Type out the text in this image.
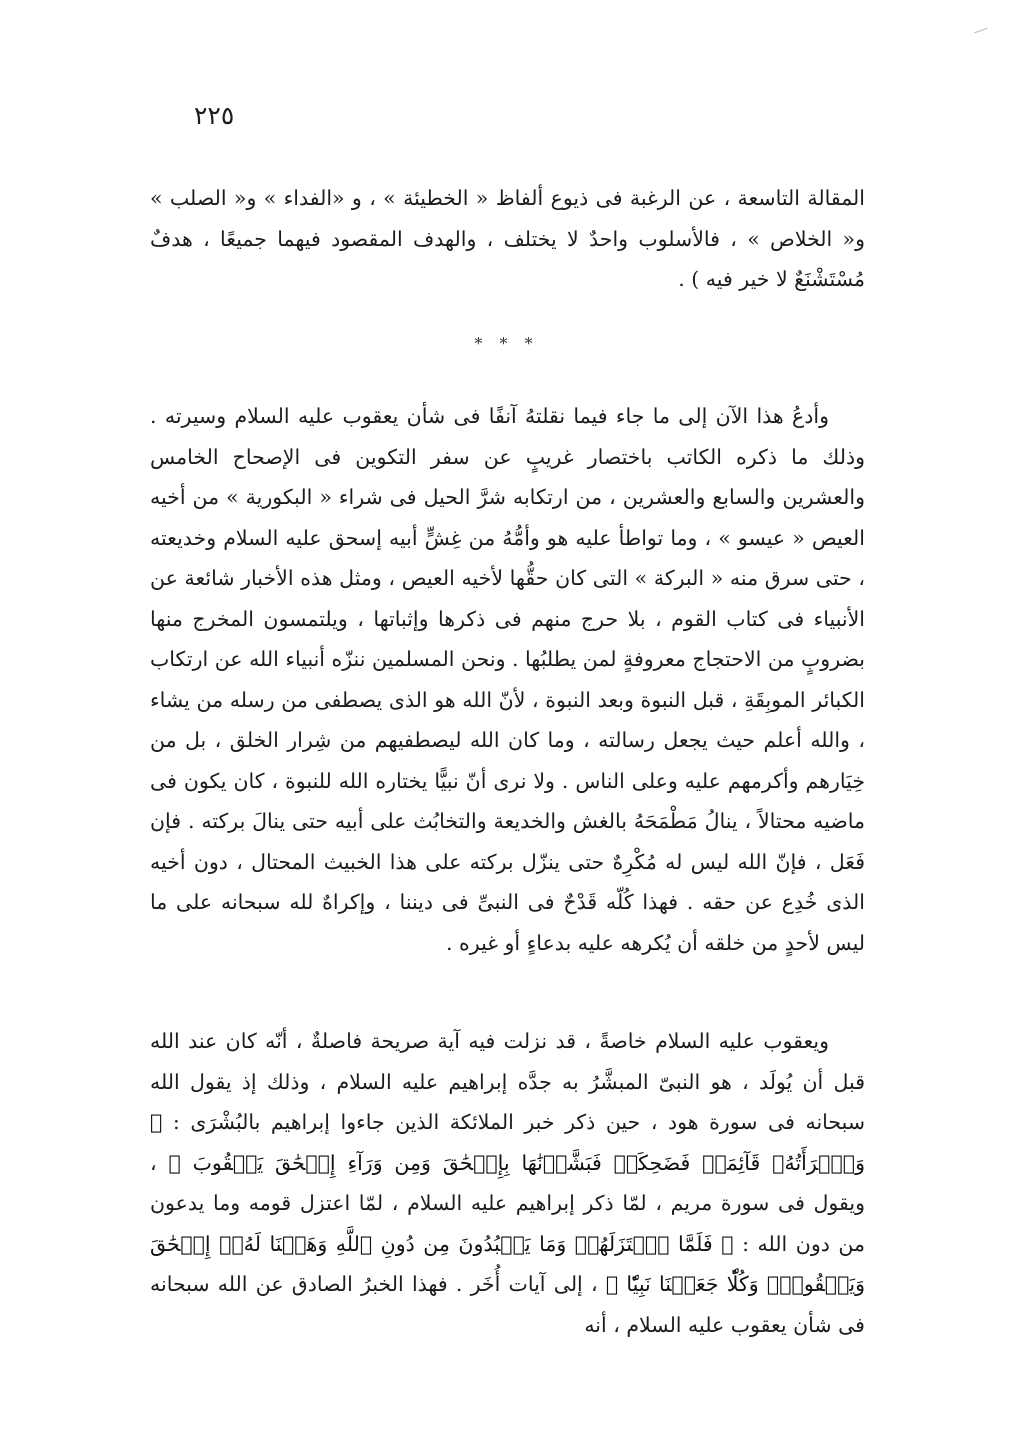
٢٢٥

المقالة التاسعة ، عن الرغبة فى ذيوع ألفاظ « الخطيئة » ، و «الفداء » و« الصلب » و« الخلاص » ، فالأسلوب واحدٌ لا يختلف ، والهدف المقصود فيهما جميعًا ، هدفٌ مُسْتَشْنَعٌ لا خير فيه ) .

* * *

وأدعُ هذا الآن إلى ما جاء فيما نقلتهُ آنفًا فى شأن يعقوب عليه السلام وسيرته . وذلك ما ذكره الكاتب باختصار غريبٍ عن سفر التكوين فى الإصحاح الخامس والعشرين والسابع والعشرين ، من ارتكابه شرَّ الحيل فى شراء « البكورية » من أخيه العيص « عيسو » ، وما تواطأ عليه هو وأمُّهُ من غِشٍّ أبيه إسحق عليه السلام وخديعته ، حتى سرق منه « البركة » التى كان حقُّها لأخيه العيص ، ومثل هذه الأخبار شائعة عن الأنبياء فى كتاب القوم ، بلا حرج منهم فى ذكرها وإثباتها ، ويلتمسون المخرج منها بضروبٍ من الاحتجاج معروفةٍ لمن يطلبُها . ونحن المسلمين ننزّه أنبياء الله عن ارتكاب الكبائر الموبِقَةِ ، قبل النبوة وبعد النبوة ، لأنّ الله هو الذى يصطفى من رسله من يشاء ، والله أعلم حيث يجعل رسالته ، وما كان الله ليصطفيهم من شِرار الخلق ، بل من خِيَارهم وأكرمهم عليه وعلى الناس . ولا نرى أنّ نبيًّا يختاره الله للنبوة ، كان يكون فى ماضيه محتالاً ، ينالُ مَطْمَحَهُ بالغش والخديعة والتخابُث على أبيه حتى ينالَ بركته . فإن فَعَل ، فإنّ الله ليس له مُكْرِهٌ حتى ينزّل بركته على هذا الخبيث المحتال ، دون أخيه الذى خُدِع عن حقه . فهذا كُلّه قَدْحٌ فى النبىِّ فى ديننا ، وإكراهٌ لله سبحانه على ما ليس لأحدٍ من خلقه أن يُكرهه عليه بدعاءٍ أو غيره .

ويعقوب عليه السلام خاصةً ، قد نزلت فيه آية صريحة فاصلةٌ ، أنّه كان عند الله قبل أن يُولَد ، هو النبىّ المبشَّرُ به جدَّه إبراهيم عليه السلام ، وذلك إذ يقول الله سبحانه فى سورة هود ، حين ذكر خبر الملائكة الذين جاءوا إبراهيم بالبُشْرَى : ﴿ وَٱمۡرَأَتُهُۥ قَآئِمَةٞ فَضَحِكَتۡ فَبَشَّرۡنَٰهَا بِإِسۡحَٰقَ وَمِن وَرَآءِ إِسۡحَٰقَ يَعۡقُوبَ ﴾ ، ويقول فى سورة مريم ، لمّا ذكر إبراهيم عليه السلام ، لمّا اعتزل قومه وما يدعون من دون الله : ﴿ فَلَمَّا ٱعۡتَزَلَهُمۡ وَمَا يَعۡبُدُونَ مِن دُونِ ٱللَّهِ وَهَبۡنَا لَهُۥٓ إِسۡحَٰقَ وَيَعۡقُوبَۖ وَكُلّٗا جَعَلۡنَا نَبِيّٗا ﴾ ، إلى آيات أُخَر . فهذا الخبرُ الصادق عن الله سبحانه فى شأن يعقوب عليه السلام ، أنه
